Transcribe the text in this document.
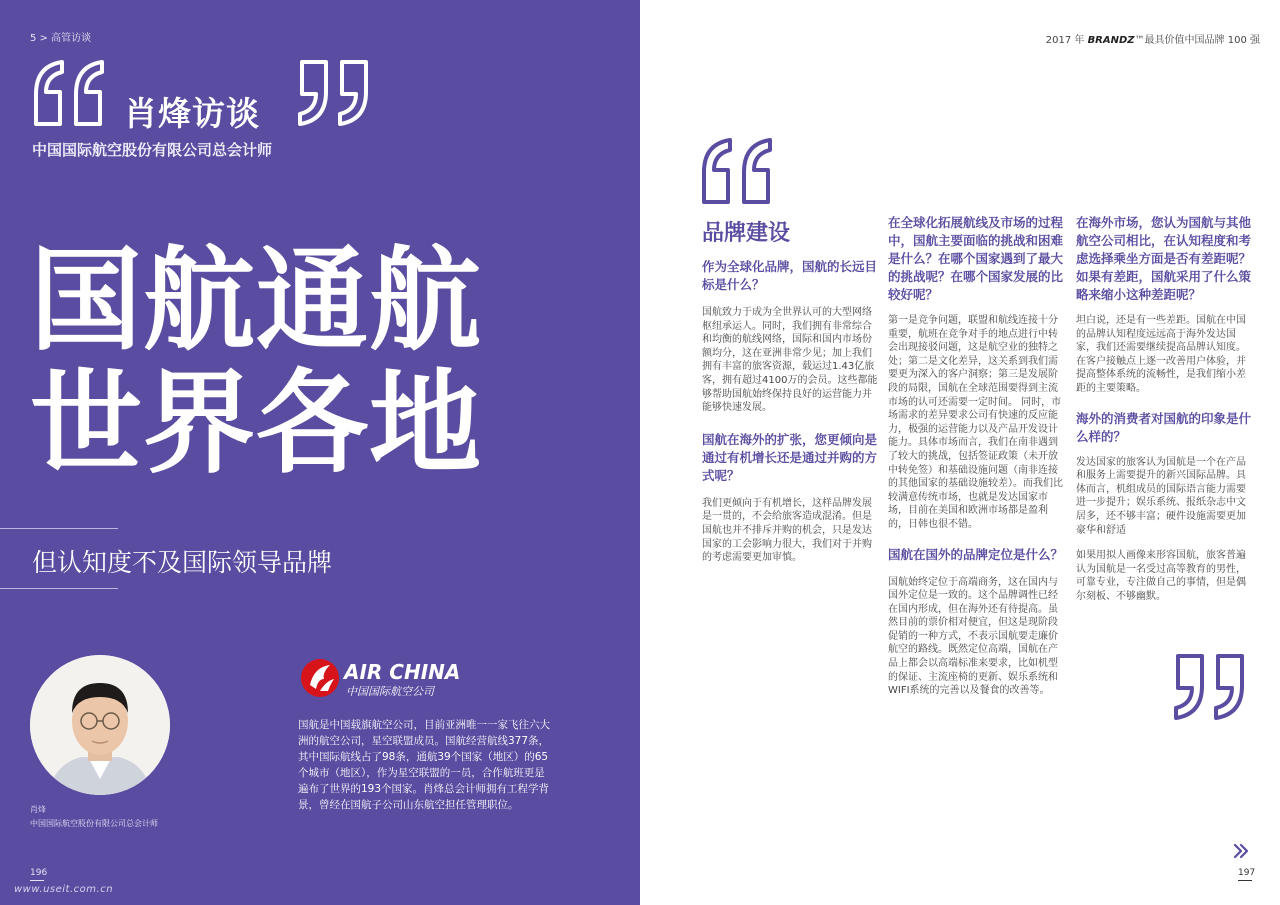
5 > 高管访谈
肖烽访谈
中国国际航空股份有限公司总会计师
国航通航
世界各地
但认知度不及国际领导品牌
肖烽
中国国际航空股份有限公司总会计师
AIR CHINA
中国国际航空公司
国航是中国载旗航空公司，目前亚洲唯一一家飞往六大洲的航空公司，星空联盟成员。国航经营航线377条，其中国际航线占了98条，通航39个国家（地区）的65个城市（地区），作为星空联盟的一员，合作航班更是遍布了世界的193个国家。肖烽总会计师拥有工程学背景，曾经在国航子公司山东航空担任管理职位。
196
www.useit.com.cn
2017 年 BRANDZ™最具价值中国品牌 100 强
品牌建设
作为全球化品牌，国航的长远目标是什么？

国航致力于成为全世界认可的大型网络枢纽承运人。同时，我们拥有非常综合和均衡的航线网络，国际和国内市场份额均分，这在亚洲非常少见；加上我们拥有丰富的旅客资源，载运过1.43亿旅客，拥有超过4100万的会员。这些都能够帮助国航始终保持良好的运营能力并能够快速发展。

国航在海外的扩张，您更倾向是通过有机增长还是通过并购的方式呢？

我们更倾向于有机增长，这样品牌发展是一贯的，不会给旅客造成混淆。但是国航也并不排斥并购的机会，只是发达国家的工会影响力很大，我们对于并购的考虑需要更加审慎。

在全球化拓展航线及市场的过程中，国航主要面临的挑战和困难是什么？在哪个国家遇到了最大的挑战呢？在哪个国家发展的比较好呢？

第一是竞争问题，联盟和航线连接十分重要，航班在竞争对手的地点进行中转会出现接驳问题，这是航空业的独特之处；第二是文化差异，这关系到我们需要更为深入的客户洞察；第三是发展阶段的局限，国航在全球范围要得到主流市场的认可还需要一定时间。 同时，市场需求的差异要求公司有快速的反应能力，极强的运营能力以及产品开发设计能力。具体市场而言，我们在南非遇到了较大的挑战，包括签证政策（未开放中转免签）和基础设施问题（南非连接的其他国家的基础设施较差）。而我们比较满意传统市场，也就是发达国家市场，目前在美国和欧洲市场都是盈利的，日韩也很不错。

国航在国外的品牌定位是什么？

国航始终定位于高端商务，这在国内与国外定位是一致的。这个品牌调性已经在国内形成，但在海外还有待提高。虽然目前的票价相对便宜，但这是现阶段促销的一种方式，不表示国航要走廉价航空的路线。既然定位高端，国航在产品上都会以高端标准来要求，比如机型的保证、主流座椅的更新、娱乐系统和WIFI系统的完善以及餐食的改善等。

在海外市场，您认为国航与其他航空公司相比，在认知程度和考虑选择乘坐方面是否有差距呢？如果有差距，国航采用了什么策略来缩小这种差距呢？

坦白说，还是有一些差距。国航在中国的品牌认知程度远远高于海外发达国家，我们还需要继续提高品牌认知度。 在客户接触点上逐一改善用户体验，并提高整体系统的流畅性，是我们缩小差距的主要策略。

海外的消费者对国航的印象是什么样的？

发达国家的旅客认为国航是一个在产品和服务上需要提升的新兴国际品牌。具体而言，机组成员的国际语言能力需要进一步提升；娱乐系统、报纸杂志中文居多，还不够丰富；硬件设施需要更加豪华和舒适

如果用拟人画像来形容国航，旅客普遍认为国航是一名受过高等教育的男性，可靠专业，专注做自己的事情，但是偶尔刻板、不够幽默。

197
